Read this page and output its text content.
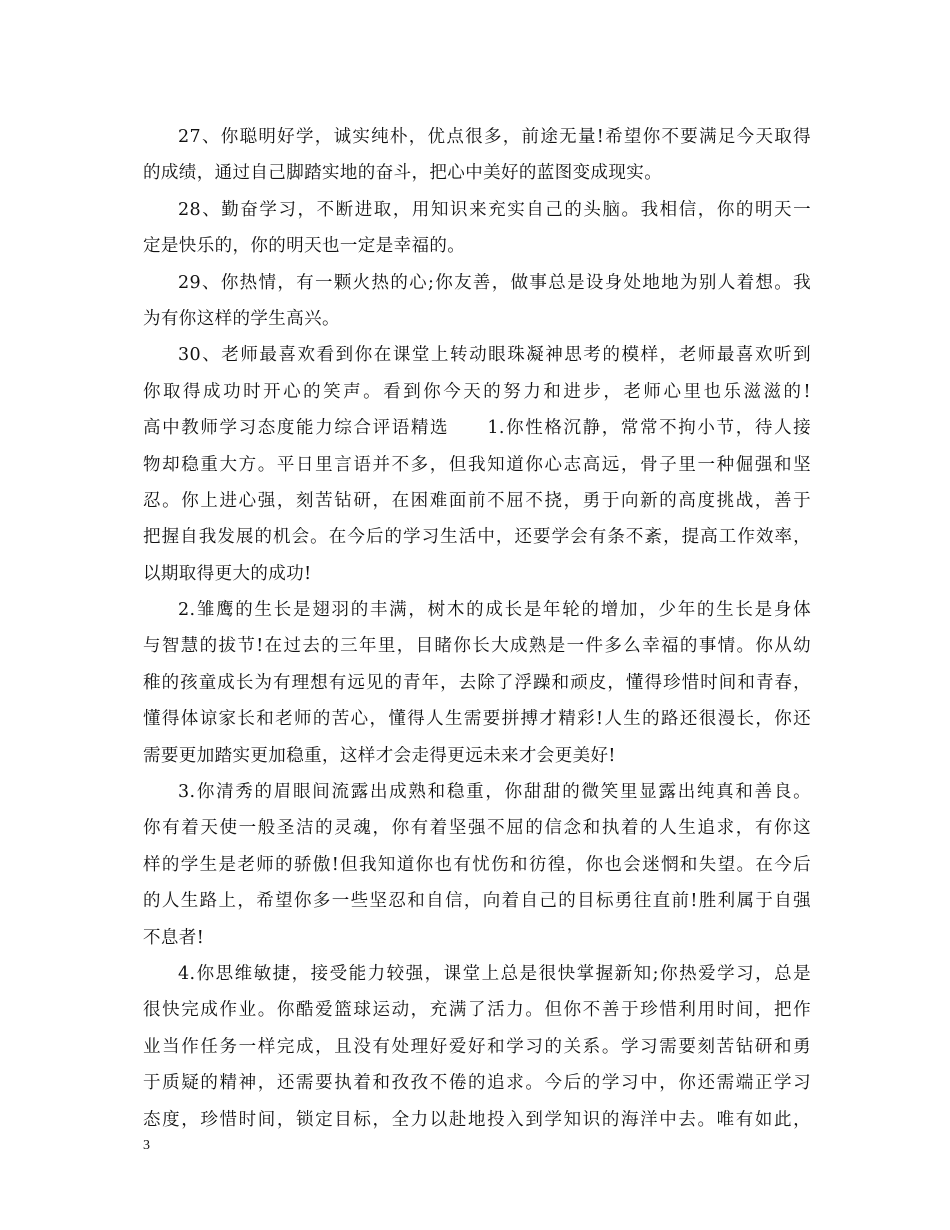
27、你聪明好学，诚实纯朴，优点很多，前途无量!希望你不要满足今天取得
的成绩，通过自己脚踏实地的奋斗，把心中美好的蓝图变成现实。
28、勤奋学习，不断进取，用知识来充实自己的头脑。我相信，你的明天一
定是快乐的，你的明天也一定是幸福的。
29、你热情，有一颗火热的心;你友善，做事总是设身处地地为别人着想。我
为有你这样的学生高兴。
30、老师最喜欢看到你在课堂上转动眼珠凝神思考的模样，老师最喜欢听到
你取得成功时开心的笑声。看到你今天的努力和进步，老师心里也乐滋滋的!
高中教师学习态度能力综合评语精选　　1.你性格沉静，常常不拘小节，待人接
物却稳重大方。平日里言语并不多，但我知道你心志高远，骨子里一种倔强和坚
忍。你上进心强，刻苦钻研，在困难面前不屈不挠，勇于向新的高度挑战，善于
把握自我发展的机会。在今后的学习生活中，还要学会有条不紊，提高工作效率，
以期取得更大的成功!
2.雏鹰的生长是翅羽的丰满，树木的成长是年轮的增加，少年的生长是身体
与智慧的拔节!在过去的三年里，目睹你长大成熟是一件多么幸福的事情。你从幼
稚的孩童成长为有理想有远见的青年，去除了浮躁和顽皮，懂得珍惜时间和青春，
懂得体谅家长和老师的苦心，懂得人生需要拼搏才精彩!人生的路还很漫长，你还
需要更加踏实更加稳重，这样才会走得更远未来才会更美好!
3.你清秀的眉眼间流露出成熟和稳重，你甜甜的微笑里显露出纯真和善良。
你有着天使一般圣洁的灵魂，你有着坚强不屈的信念和执着的人生追求，有你这
样的学生是老师的骄傲!但我知道你也有忧伤和彷徨，你也会迷惘和失望。在今后
的人生路上，希望你多一些坚忍和自信，向着自己的目标勇往直前!胜利属于自强
不息者!
4.你思维敏捷，接受能力较强，课堂上总是很快掌握新知;你热爱学习，总是
很快完成作业。你酷爱篮球运动，充满了活力。但你不善于珍惜利用时间，把作
业当作任务一样完成，且没有处理好爱好和学习的关系。学习需要刻苦钻研和勇
于质疑的精神，还需要执着和孜孜不倦的追求。今后的学习中，你还需端正学习
态度，珍惜时间，锁定目标，全力以赴地投入到学知识的海洋中去。唯有如此，
3
